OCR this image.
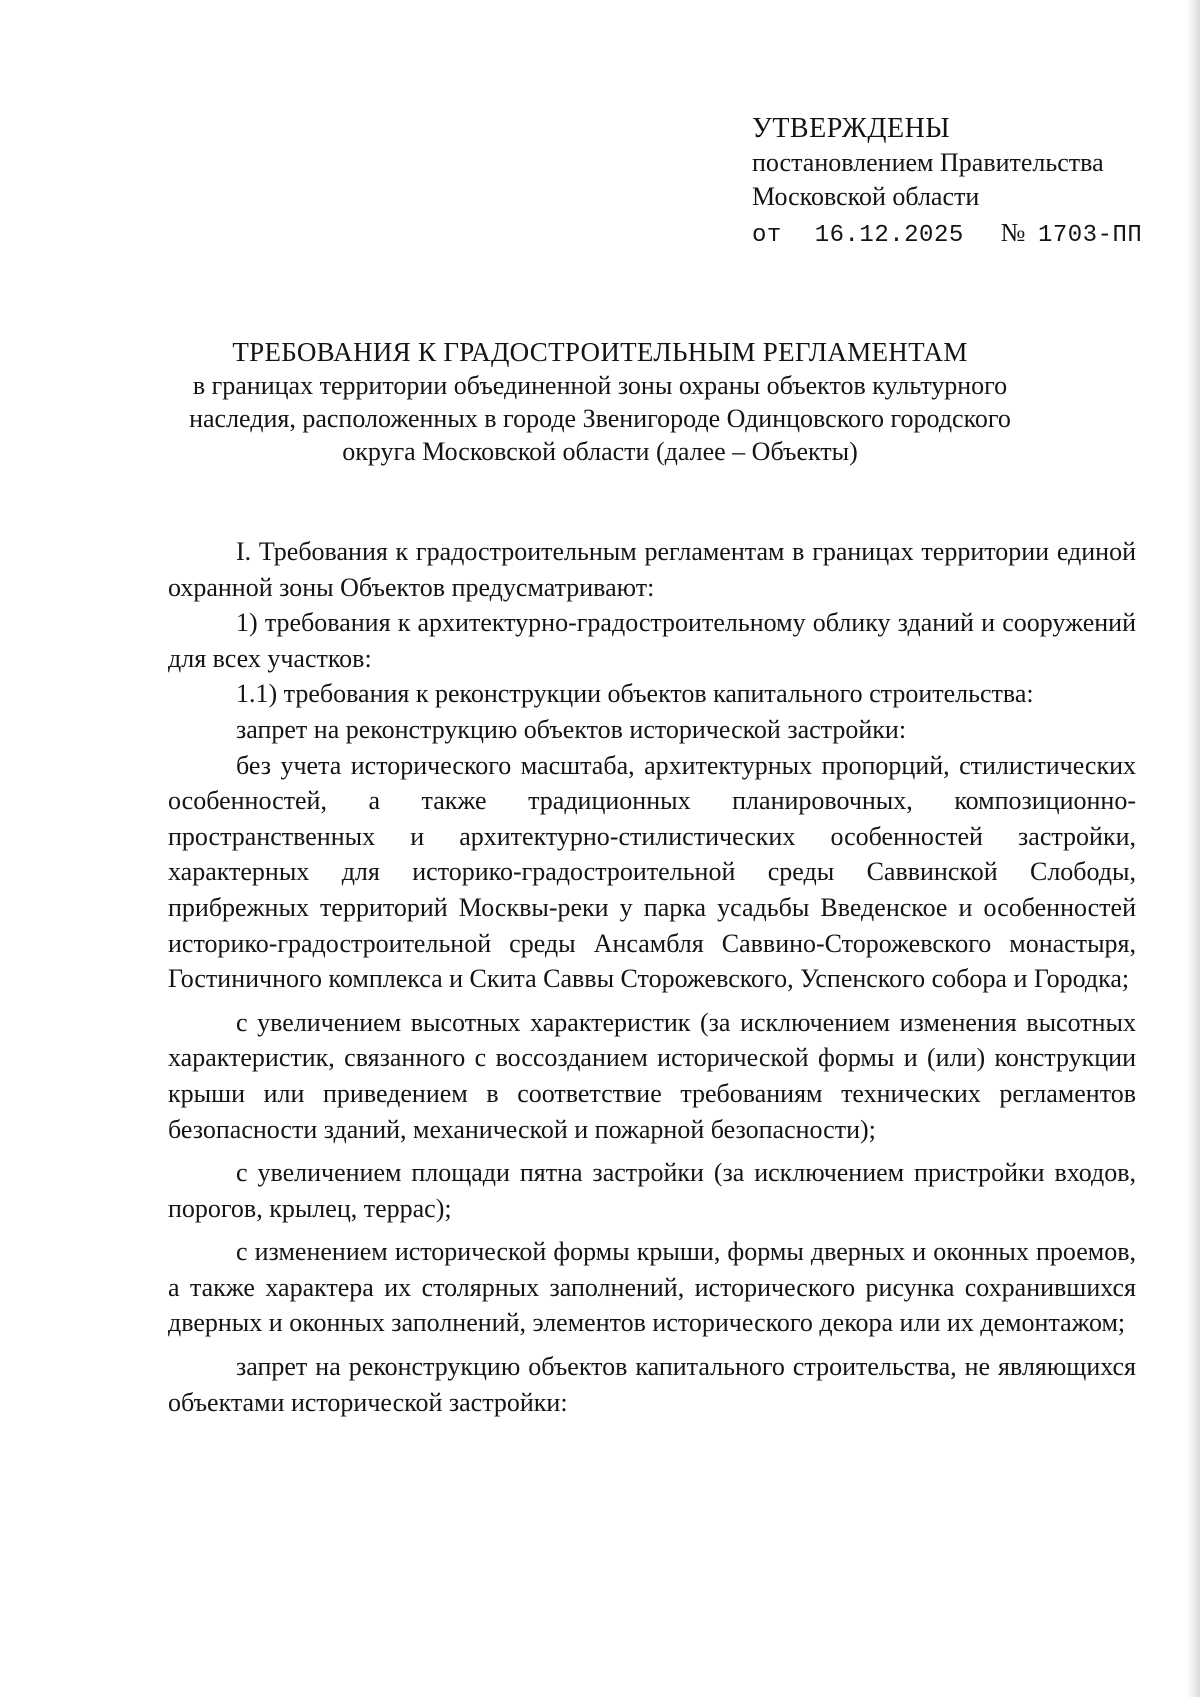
УТВЕРЖДЕНЫ
постановлением Правительства
Московской области
от 16.12.2025 № 1703-ПП
ТРЕБОВАНИЯ К ГРАДОСТРОИТЕЛЬНЫМ РЕГЛАМЕНТАМ
в границах территории объединенной зоны охраны объектов культурного наследия, расположенных в городе Звенигороде Одинцовского городского округа Московской области (далее – Объекты)

I. Требования к градостроительным регламентам в границах территории единой охранной зоны Объектов предусматривают:

1) требования к архитектурно-градостроительному облику зданий и сооружений для всех участков:

1.1) требования к реконструкции объектов капитального строительства:

запрет на реконструкцию объектов исторической застройки:

без учета исторического масштаба, архитектурных пропорций, стилистических особенностей, а также традиционных планировочных, композиционно-пространственных и архитектурно-стилистических особенностей застройки, характерных для историко-градостроительной среды Саввинской Слободы, прибрежных территорий Москвы-реки у парка усадьбы Введенское и особенностей историко-градостроительной среды Ансамбля Саввино-Сторожевского монастыря, Гостиничного комплекса и Скита Саввы Сторожевского, Успенского собора и Городка;

с увеличением высотных характеристик (за исключением изменения высотных характеристик, связанного с воссозданием исторической формы и (или) конструкции крыши или приведением в соответствие требованиям технических регламентов безопасности зданий, механической и пожарной безопасности);

с увеличением площади пятна застройки (за исключением пристройки входов, порогов, крылец, террас);

с изменением исторической формы крыши, формы дверных и оконных проемов, а также характера их столярных заполнений, исторического рисунка сохранившихся дверных и оконных заполнений, элементов исторического декора или их демонтажом;

запрет на реконструкцию объектов капитального строительства, не являющихся объектами исторической застройки:
